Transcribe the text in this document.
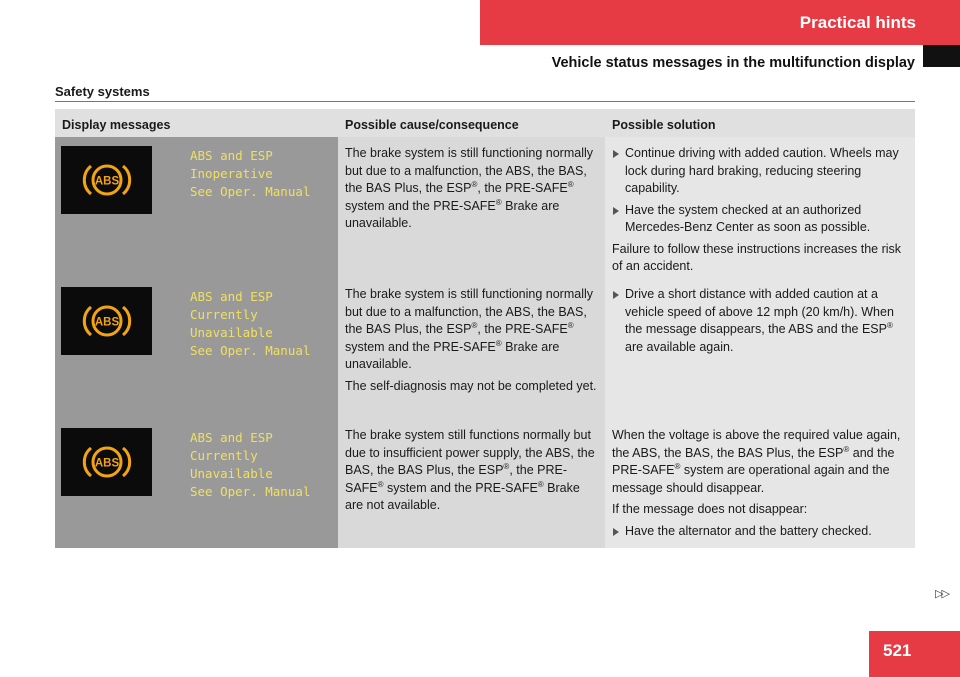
Practical hints
Vehicle status messages in the multifunction display
Safety systems
Display messages	Possible cause/consequence	Possible solution
ABS
ABS and ESP
Inoperative
See Oper. Manual

The brake system is still functioning normally but due to a malfunction, the ABS, the BAS, the BAS Plus, the ESP®, the PRE-SAFE® system and the PRE-SAFE® Brake are unavailable.

Continue driving with added caution. Wheels may lock during hard braking, reducing steering capability.
Have the system checked at an authorized Mercedes-Benz Center as soon as possible.
Failure to follow these instructions increases the risk of an accident.
ABS
ABS and ESP
Currently
Unavailable
See Oper. Manual

The brake system is still functioning normally but due to a malfunction, the ABS, the BAS, the BAS Plus, the ESP®, the PRE-SAFE® system and the PRE-SAFE® Brake are unavailable.

The self-diagnosis may not be completed yet.

Drive a short distance with added caution at a vehicle speed of above 12 mph (20 km/h). When the message disappears, the ABS and the ESP® are available again.
ABS
ABS and ESP
Currently
Unavailable
See Oper. Manual

The brake system still functions normally but due to insufficient power supply, the ABS, the BAS, the BAS Plus, the ESP®, the PRE-SAFE® system and the PRE-SAFE® Brake are not available.

When the voltage is above the required value again, the ABS, the BAS, the BAS Plus, the ESP® and the PRE-SAFE® system are operational again and the message should disappear.
If the message does not disappear:
Have the alternator and the battery checked.
▷▷
521
